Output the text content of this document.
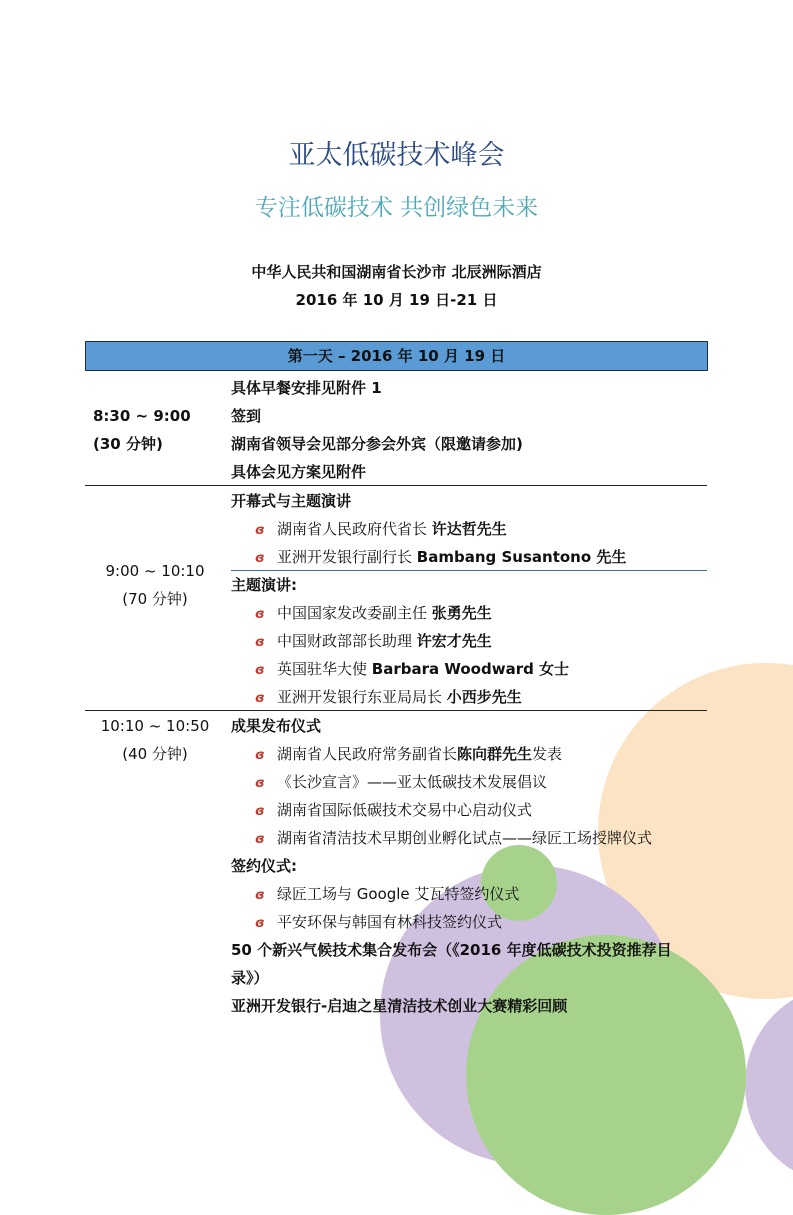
亚太低碳技术峰会
专注低碳技术 共创绿色未来
中华人民共和国湖南省长沙市 北辰洲际酒店
2016 年 10 月 19 日-21 日
第一天 – 2016 年 10 月 19 日
8:30 ~ 9:00
(30 分钟)
具体早餐安排见附件 1
签到
湖南省领导会见部分参会外宾（限邀请参加)
具体会见方案见附件
9:00 ~ 10:10
(70 分钟)
开幕式与主题演讲
ɞ 湖南省人民政府代省长 许达哲先生
ɞ 亚洲开发银行副行长 Bambang Susantono 先生
主题演讲:
ɞ 中国国家发改委副主任 张勇先生
ɞ 中国财政部部长助理 许宏才先生
ɞ 英国驻华大使 Barbara Woodward 女士
ɞ 亚洲开发银行东亚局局长 小西步先生
10:10 ~ 10:50
(40 分钟)
成果发布仪式
ɞ 湖南省人民政府常务副省长陈向群先生发表
ɞ 《长沙宣言》——亚太低碳技术发展倡议
ɞ 湖南省国际低碳技术交易中心启动仪式
ɞ 湖南省清洁技术早期创业孵化试点——绿匠工场授牌仪式
签约仪式:
ɞ 绿匠工场与 Google 艾瓦特签约仪式
ɞ 平安环保与韩国有林科技签约仪式
50 个新兴气候技术集合发布会（《2016 年度低碳技术投资推荐目
录》）
亚洲开发银行-启迪之星清洁技术创业大赛精彩回顾
